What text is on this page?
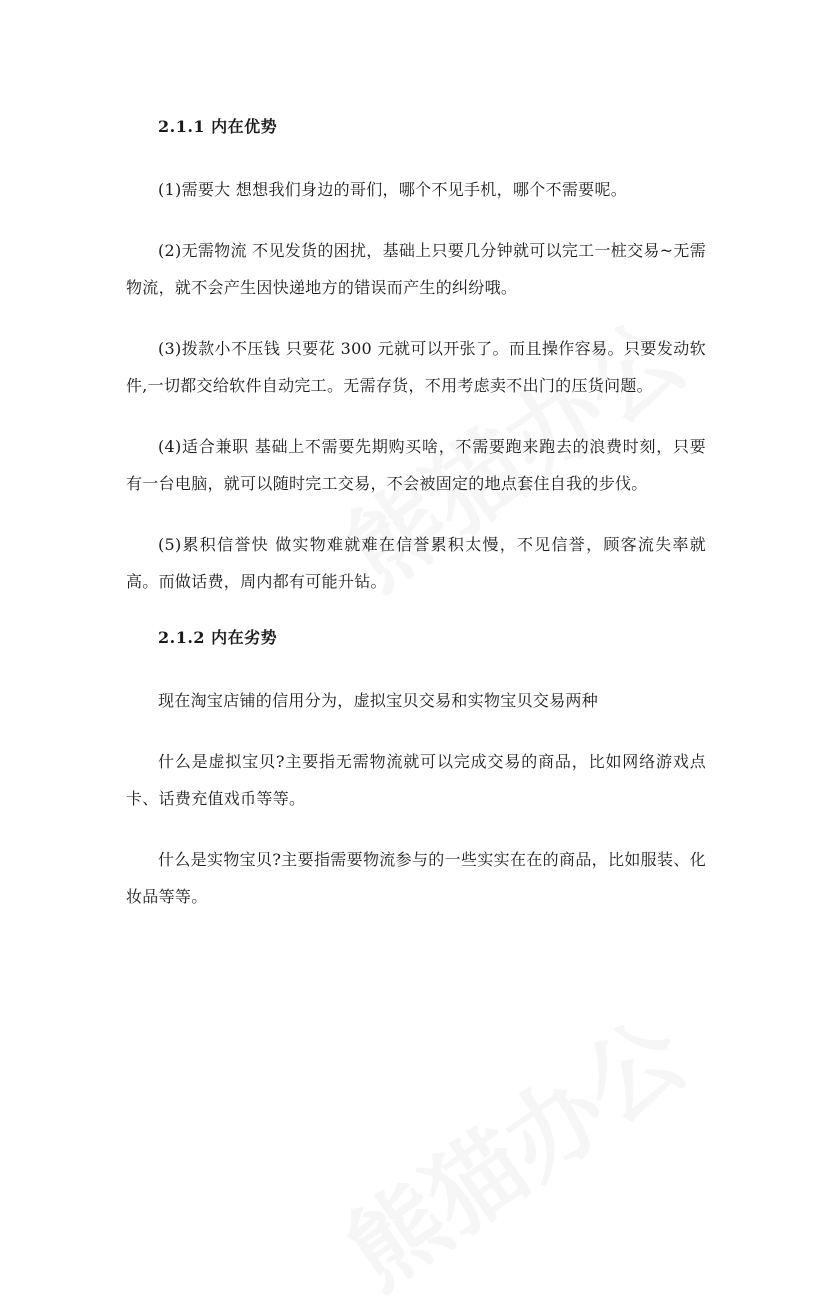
2.1.1 内在优势

(1)需要大 想想我们身边的哥们，哪个不见手机，哪个不需要呢。

(2)无需物流 不见发货的困扰，基础上只要几分钟就可以完工一桩交易~无需物流，就不会产生因快递地方的错误而产生的纠纷哦。

(3)拨款小不压钱 只要花 300 元就可以开张了。而且操作容易。只要发动软件,一切都交给软件自动完工。无需存货，不用考虑卖不出门的压货问题。

(4)适合兼职 基础上不需要先期购买啥，不需要跑来跑去的浪费时刻，只要有一台电脑，就可以随时完工交易，不会被固定的地点套住自我的步伐。

(5)累积信誉快 做实物难就难在信誉累积太慢，不见信誉，顾客流失率就高。而做话费，周内都有可能升钻。

2.1.2 内在劣势

现在淘宝店铺的信用分为，虚拟宝贝交易和实物宝贝交易两种

什么是虚拟宝贝?主要指无需物流就可以完成交易的商品，比如网络游戏点卡、话费充值戏币等等。

什么是实物宝贝?主要指需要物流参与的一些实实在在的商品，比如服装、化妆品等等。
